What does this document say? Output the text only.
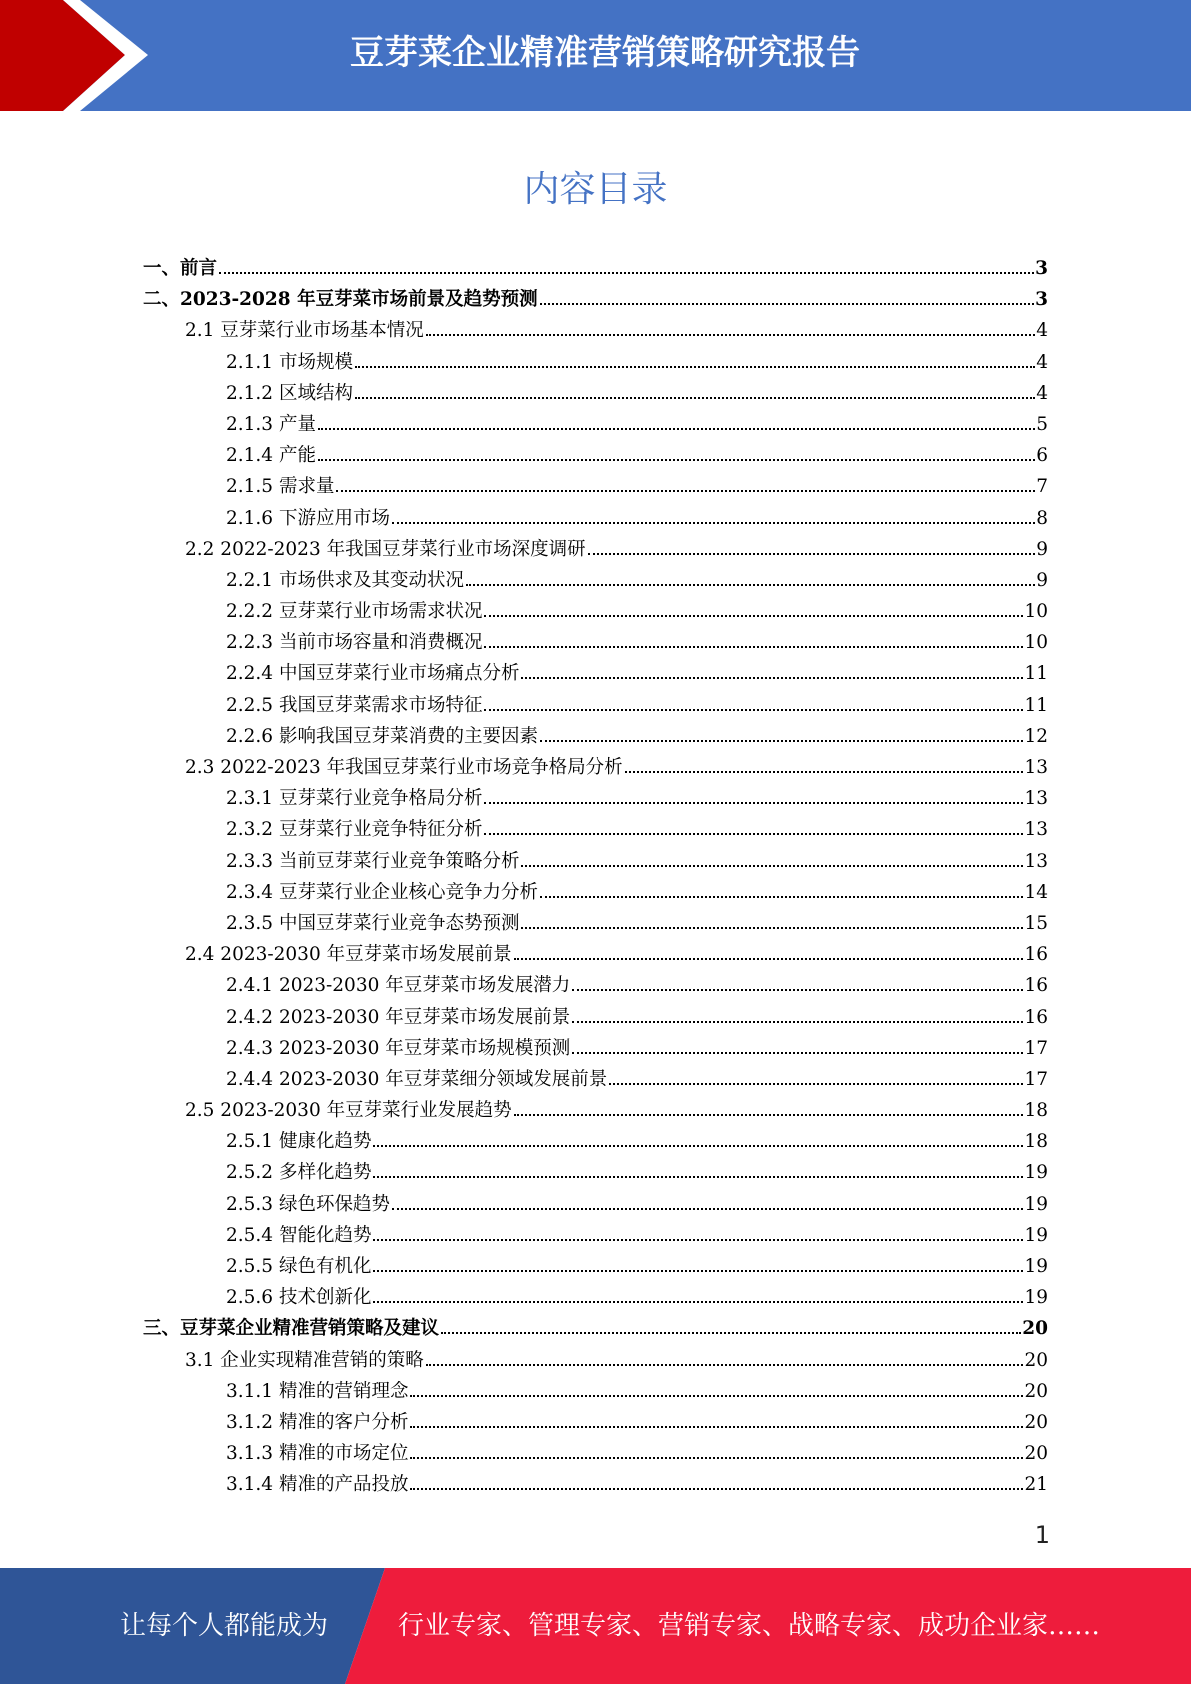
豆芽菜企业精准营销策略研究报告
内容目录
一、前言	3
二、2023-2028 年豆芽菜市场前景及趋势预测	3
2.1 豆芽菜行业市场基本情况	4
2.1.1 市场规模	4
2.1.2 区域结构	4
2.1.3 产量	5
2.1.4 产能	6
2.1.5 需求量	7
2.1.6 下游应用市场	8
2.2 2022-2023 年我国豆芽菜行业市场深度调研	9
2.2.1 市场供求及其变动状况	9
2.2.2 豆芽菜行业市场需求状况	10
2.2.3 当前市场容量和消费概况	10
2.2.4 中国豆芽菜行业市场痛点分析	11
2.2.5 我国豆芽菜需求市场特征	11
2.2.6 影响我国豆芽菜消费的主要因素	12
2.3 2022-2023 年我国豆芽菜行业市场竞争格局分析	13
2.3.1 豆芽菜行业竞争格局分析	13
2.3.2 豆芽菜行业竞争特征分析	13
2.3.3 当前豆芽菜行业竞争策略分析	13
2.3.4 豆芽菜行业企业核心竞争力分析	14
2.3.5 中国豆芽菜行业竞争态势预测	15
2.4 2023-2030 年豆芽菜市场发展前景	16
2.4.1 2023-2030 年豆芽菜市场发展潜力	16
2.4.2 2023-2030 年豆芽菜市场发展前景	16
2.4.3 2023-2030 年豆芽菜市场规模预测	17
2.4.4 2023-2030 年豆芽菜细分领域发展前景	17
2.5 2023-2030 年豆芽菜行业发展趋势	18
2.5.1 健康化趋势	18
2.5.2 多样化趋势	19
2.5.3 绿色环保趋势	19
2.5.4 智能化趋势	19
2.5.5 绿色有机化	19
2.5.6 技术创新化	19
三、豆芽菜企业精准营销策略及建议	20
3.1 企业实现精准营销的策略	20
3.1.1 精准的营销理念	20
3.1.2 精准的客户分析	20
3.1.3 精准的市场定位	20
3.1.4 精准的产品投放	21
1
让每个人都能成为	行业专家、管理专家、营销专家、战略专家、成功企业家……
